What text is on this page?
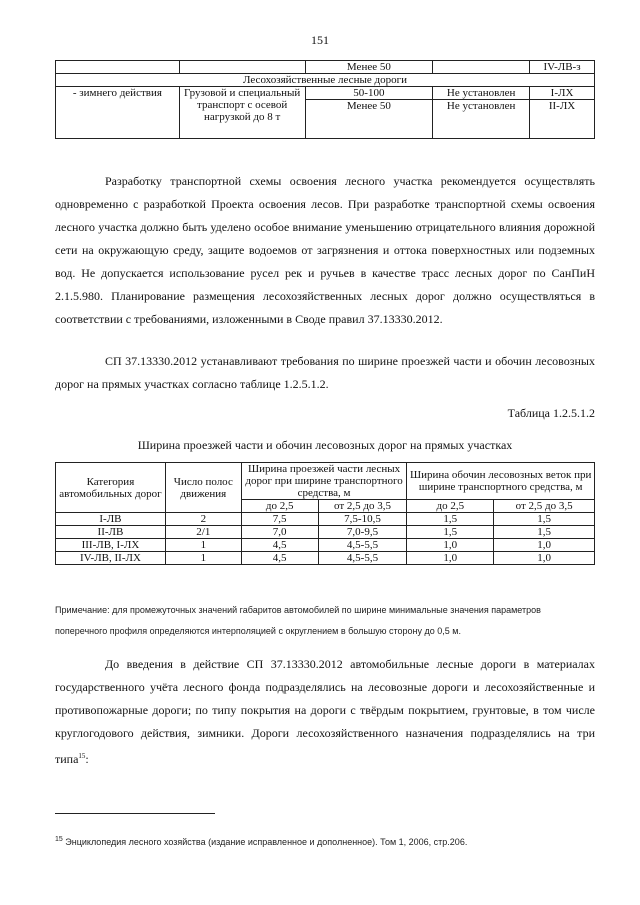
151
		Менее 50		IV-ЛВ-з
Лесохозяйственные лесные дороги				
- зимнего действия	Грузовой и специальный транспорт с осевой нагрузкой до 8 т	50-100	Не установлен	I-ЛХ
		Менее 50	Не установлен	II-ЛХ

Разработку транспортной схемы освоения лесного участка рекомендуется осуществлять одновременно с разработкой Проекта освоения лесов. При разработке транспортной схемы освоения лесного участка должно быть уделено особое внимание уменьшению отрицательного влияния дорожной сети на окружающую среду, защите водоемов от загрязнения и оттока поверхностных или подземных вод. Не допускается использование русел рек и ручьев в качестве трасс лесных дорог по СанПиН 2.1.5.980. Планирование размещения лесохозяйственных лесных дорог должно осуществляться в соответствии с требованиями, изложенными в Своде правил 37.13330.2012.

СП 37.13330.2012 устанавливают требования по ширине проезжей части и обочин лесовозных дорог на прямых участках согласно таблице 1.2.5.1.2.

Таблица 1.2.5.1.2
Ширина проезжей части и обочин лесовозных дорог на прямых участках
Категория автомобильных дорог	Число полос движения	Ширина проезжей части лесных дорог при ширине транспортного средства, м		Ширина обочин лесовозных веток при ширине транспортного средства, м	
		до 2,5	от 2,5 до 3,5	до 2,5	от 2,5 до 3,5
I-ЛВ	2	7,5	7,5-10,5	1,5	1,5
II-ЛВ	2/1	7,0	7,0-9,5	1,5	1,5
III-ЛВ, I-ЛХ	1	4,5	4,5-5,5	1,0	1,0
IV-ЛВ, II-ЛХ	1	4,5	4,5-5,5	1,0	1,0
Примечание: для промежуточных значений габаритов автомобилей по ширине минимальные значения параметров поперечного профиля определяются интерполяцией с округлением в большую сторону до 0,5 м.

До введения в действие СП 37.13330.2012 автомобильные лесные дороги в материалах государственного учёта лесного фонда подразделялись на лесовозные дороги и лесохозяйственные и противопожарные дороги; по типу покрытия на дороги с твёрдым покрытием, грунтовые, в том числе круглогодового действия, зимники. Дороги лесохозяйственного назначения подразделялись на три типа$^{15}$:

$^{15}$ Энциклопедия лесного хозяйства (издание исправленное и дополненное). Том 1, 2006, стр.206.
